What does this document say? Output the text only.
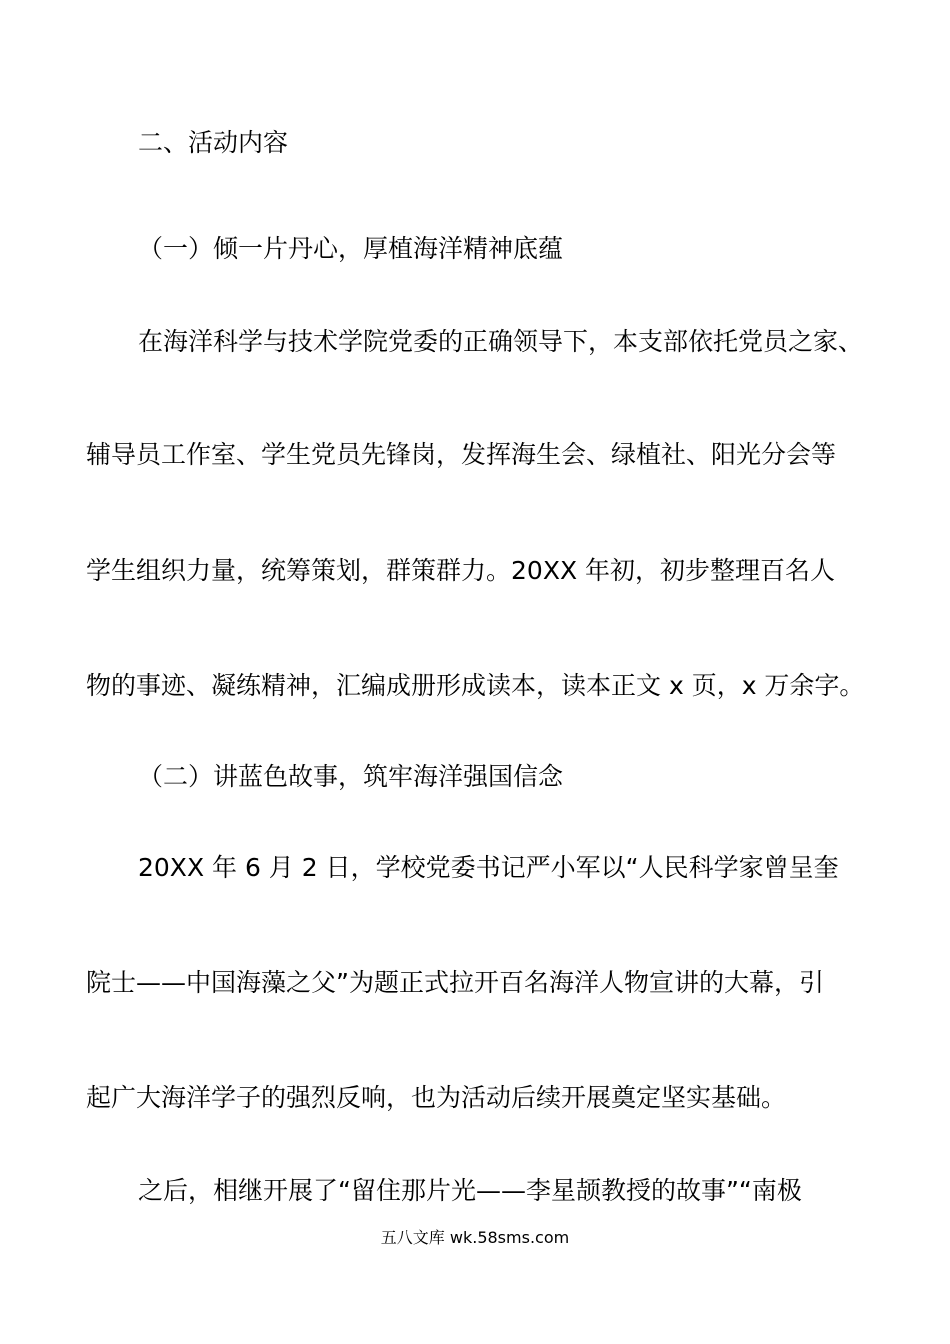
二、活动内容
（一）倾一片丹心，厚植海洋精神底蕴
在海洋科学与技术学院党委的正确领导下，本支部依托党员之家、
辅导员工作室、学生党员先锋岗，发挥海生会、绿植社、阳光分会等
学生组织力量，统筹策划，群策群力。20XX 年初，初步整理百名人
物的事迹、凝练精神，汇编成册形成读本，读本正文 x 页，x 万余字。
（二）讲蓝色故事，筑牢海洋强国信念
20XX 年 6 月 2 日，学校党委书记严小军以“人民科学家曾呈奎
院士——中国海藻之父”为题正式拉开百名海洋人物宣讲的大幕，引
起广大海洋学子的强烈反响，也为活动后续开展奠定坚实基础。
之后，相继开展了“留住那片光——李星颉教授的故事”“南极
五八文库 wk.58sms.com
